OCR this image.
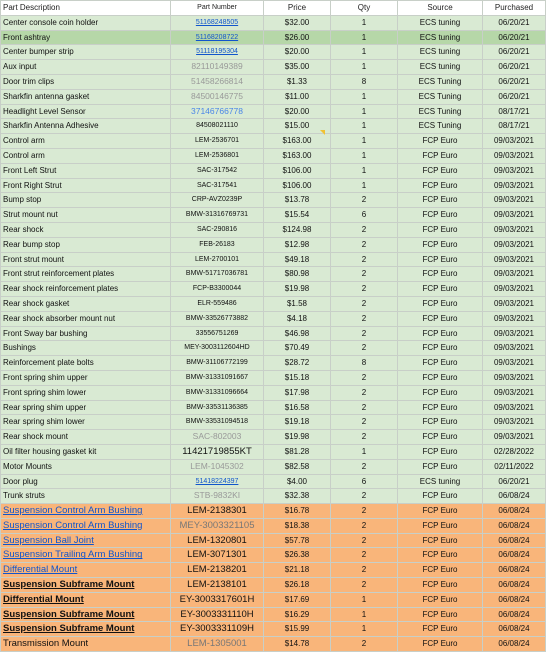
Part Description	Part Number	Price	Qty	Source	Purchased
Center console coin holder	51168248505	$32.00	1	ECS tuning	06/20/21
Front ashtray	51168208722	$26.00	1	ECS tuning	06/20/21
Center bumper strip	51118195304	$20.00	1	ECS tuning	06/20/21
Aux input	82110149389	$35.00	1	ECS tuning	06/20/21
Door trim clips	51458266814	$1.33	8	ECS Tuning	06/20/21
Sharkfin antenna gasket	84500146775	$11.00	1	ECS Tuning	06/20/21
Headlight Level Sensor	37146766778	$20.00	1	ECS Tuning	08/17/21
Sharkfin Antenna Adhesive	84508021110	$15.00	1	ECS Tuning	08/17/21
Control arm	LEM-2536701	$163.00	1	FCP Euro	09/03/2021
Control arm	LEM-2536801	$163.00	1	FCP Euro	09/03/2021
Front Left Strut	SAC-317542	$106.00	1	FCP Euro	09/03/2021
Front Right Strut	SAC-317541	$106.00	1	FCP Euro	09/03/2021
Bump stop	CRP-AVZ0239P	$13.78	2	FCP Euro	09/03/2021
Strut mount nut	BMW-31316769731	$15.54	6	FCP Euro	09/03/2021
Rear shock	SAC-290816	$124.98	2	FCP Euro	09/03/2021
Rear bump stop	FEB-26183	$12.98	2	FCP Euro	09/03/2021
Front strut mount	LEM-2700101	$49.18	2	FCP Euro	09/03/2021
Front strut reinforcement plates	BMW-51717036781	$80.98	2	FCP Euro	09/03/2021
Rear shock reinforcement plates	FCP-B3300044	$19.98	2	FCP Euro	09/03/2021
Rear shock gasket	ELR-559486	$1.58	2	FCP Euro	09/03/2021
Rear shock absorber mount nut	BMW-33526773882	$4.18	2	FCP Euro	09/03/2021
Front Sway bar bushing	33556751269	$46.98	2	FCP Euro	09/03/2021
Bushings	MEY-3003112604HD	$70.49	2	FCP Euro	09/03/2021
Reinforcement plate bolts	BMW-31106772199	$28.72	8	FCP Euro	09/03/2021
Front spring shim upper	BMW-31331091667	$15.18	2	FCP Euro	09/03/2021
Front spring shim lower	BMW-31331096664	$17.98	2	FCP Euro	09/03/2021
Rear spring shim upper	BMW-33531136385	$16.58	2	FCP Euro	09/03/2021
Rear spring shim lower	BMW-33531094518	$19.18	2	FCP Euro	09/03/2021
Rear shock mount	SAC-802003	$19.98	2	FCP Euro	09/03/2021
Oil filter housing gasket kit	11421719855KT	$81.28	1	FCP Euro	02/28/2022
Motor Mounts	LEM-1045302	$82.58	2	FCP Euro	02/11/2022
Door plug	51418224397	$4.00	6	ECS tuning	06/20/21
Trunk struts	STB-9832KI	$32.38	2	FCP Euro	06/08/24
Suspension Control Arm Bushing	LEM-2138301	$16.78	2	FCP Euro	06/08/24
Suspension Control Arm Bushing	MEY-3003321105	$18.38	2	FCP Euro	06/08/24
Suspension Ball Joint	LEM-1320801	$57.78	2	FCP Euro	06/08/24
Suspension Trailing Arm Bushing	LEM-3071301	$26.38	2	FCP Euro	06/08/24
Differential Mount	LEM-2138201	$21.18	2	FCP Euro	06/08/24
Suspension Subframe Mount	LEM-2138101	$26.18	2	FCP Euro	06/08/24
Differential Mount	EY-3003317601H	$17.69	1	FCP Euro	06/08/24
Suspension Subframe Mount	EY-3003331110H	$16.29	1	FCP Euro	06/08/24
Suspension Subframe Mount	EY-3003331109H	$15.99	1	FCP Euro	06/08/24
Transmission Mount	LEM-1305001	$14.78	2	FCP Euro	06/08/24
